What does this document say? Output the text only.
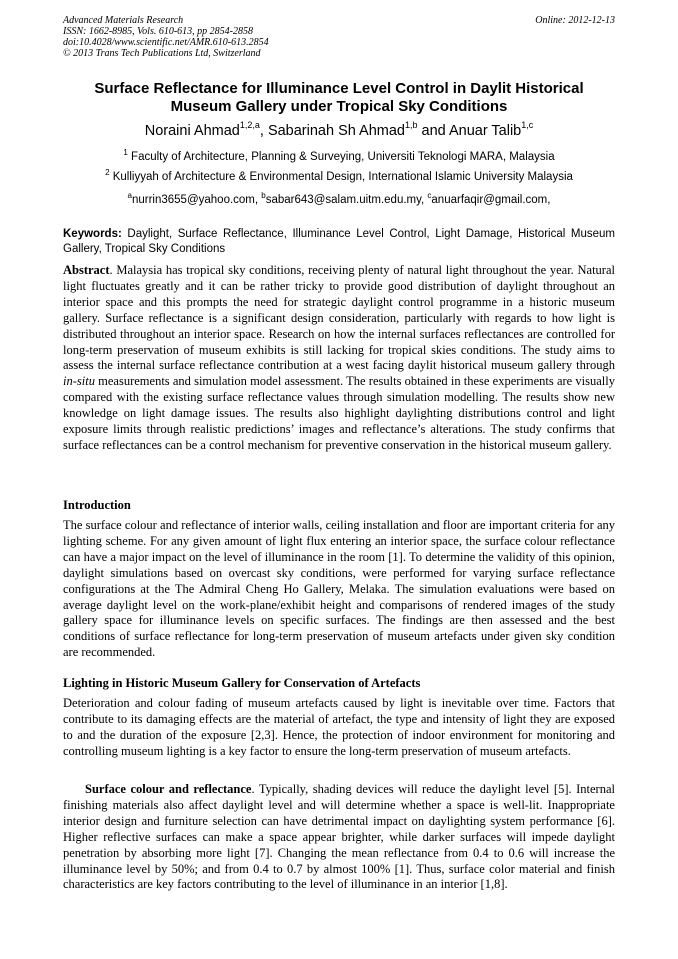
Advanced Materials Research
ISSN: 1662-8985, Vols. 610-613, pp 2854-2858
doi:10.4028/www.scientific.net/AMR.610-613.2854
© 2013 Trans Tech Publications Ltd, Switzerland
Online: 2012-12-13
Surface Reflectance for Illuminance Level Control in Daylit Historical
Museum Gallery under Tropical Sky Conditions
Noraini Ahmad$^{1,2,a}$, Sabarinah Sh Ahmad$^{1,b}$ and Anuar Talib$^{1,c}$
$^1$ Faculty of Architecture, Planning & Surveying, Universiti Teknologi MARA, Malaysia
$^2$ Kulliyyah of Architecture & Environmental Design, International Islamic University Malaysia
$^a$nurrin3655@yahoo.com, $^b$sabar643@salam.uitm.edu.my, $^c$anuarfaqir@gmail.com,
Keywords: Daylight, Surface Reflectance, Illuminance Level Control, Light Damage, Historical Museum Gallery, Tropical Sky Conditions

Abstract. Malaysia has tropical sky conditions, receiving plenty of natural light throughout the year. Natural light fluctuates greatly and it can be rather tricky to provide good distribution of daylight throughout an interior space and this prompts the need for strategic daylight control programme in a historic museum gallery. Surface reflectance is a significant design consideration, particularly with regards to how light is distributed throughout an interior space. Research on how the internal surfaces reflectances are controlled for long-term preservation of museum exhibits is still lacking for tropical skies conditions. The study aims to assess the internal surface reflectance contribution at a west facing daylit historical museum gallery through in-situ measurements and simulation model assessment. The results obtained in these experiments are visually compared with the existing surface reflectance values through simulation modelling. The results show new knowledge on light damage issues. The results also highlight daylighting distributions control and light exposure limits through realistic predictions’ images and reflectance’s alterations. The study confirms that surface reflectances can be a control mechanism for preventive conservation in the historical museum gallery.

Introduction

The surface colour and reflectance of interior walls, ceiling installation and floor are important criteria for any lighting scheme. For any given amount of light flux entering an interior space, the surface colour reflectance can have a major impact on the level of illuminance in the room [1]. To determine the validity of this opinion, daylight simulations based on overcast sky conditions, were performed for varying surface reflectance configurations at the The Admiral Cheng Ho Gallery, Melaka. The simulation evaluations were based on average daylight level on the work-plane/exhibit height and comparisons of rendered images of the study gallery space for illuminance levels on specific surfaces. The findings are then assessed and the best conditions of surface reflectance for long-term preservation of museum artefacts under given sky condition are recommended.

Lighting in Historic Museum Gallery for Conservation of Artefacts

Deterioration and colour fading of museum artefacts caused by light is inevitable over time. Factors that contribute to its damaging effects are the material of artefact, the type and intensity of light they are exposed to and the duration of the exposure [2,3]. Hence, the protection of indoor environment for monitoring and controlling museum lighting is a key factor to ensure the long-term preservation of museum artefacts.

Surface colour and reflectance. Typically, shading devices will reduce the daylight level [5]. Internal finishing materials also affect daylight level and will determine whether a space is well-lit. Inappropriate interior design and furniture selection can have detrimental impact on daylighting system performance [6]. Higher reflective surfaces can make a space appear brighter, while darker surfaces will impede daylight penetration by absorbing more light [7]. Changing the mean reflectance from 0.4 to 0.6 will increase the illuminance level by 50%; and from 0.4 to 0.7 by almost 100% [1]. Thus, surface color material and finish characteristics are key factors contributing to the level of illuminance in an interior [1,8].
